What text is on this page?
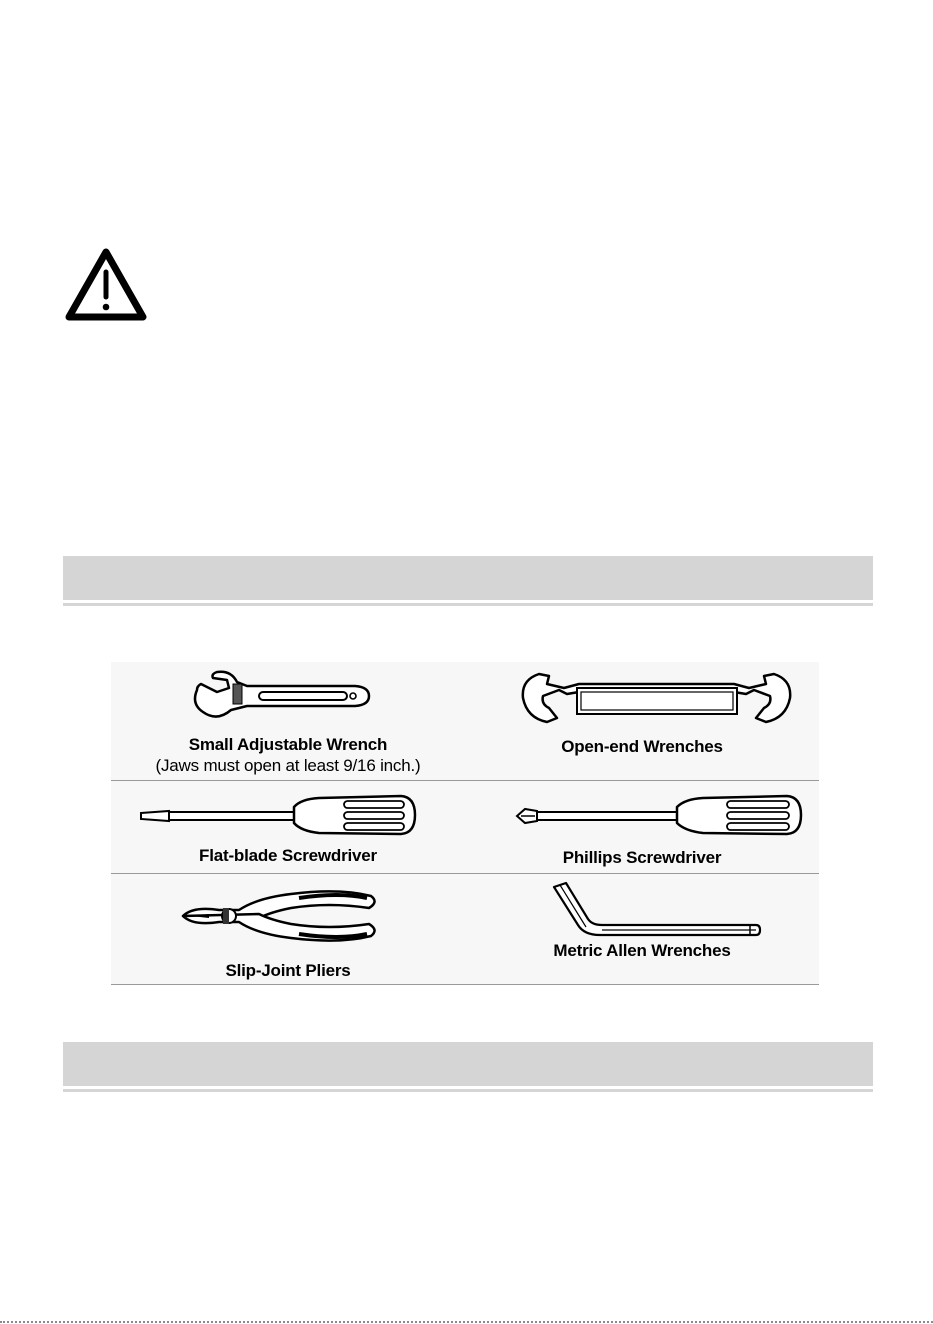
Small Adjustable Wrench
(Jaws must open at least 9/16 inch.)
Open-end Wrenches
Flat-blade Screwdriver	Phillips Screwdriver
Slip-Joint Pliers
Metric Allen Wrenches
